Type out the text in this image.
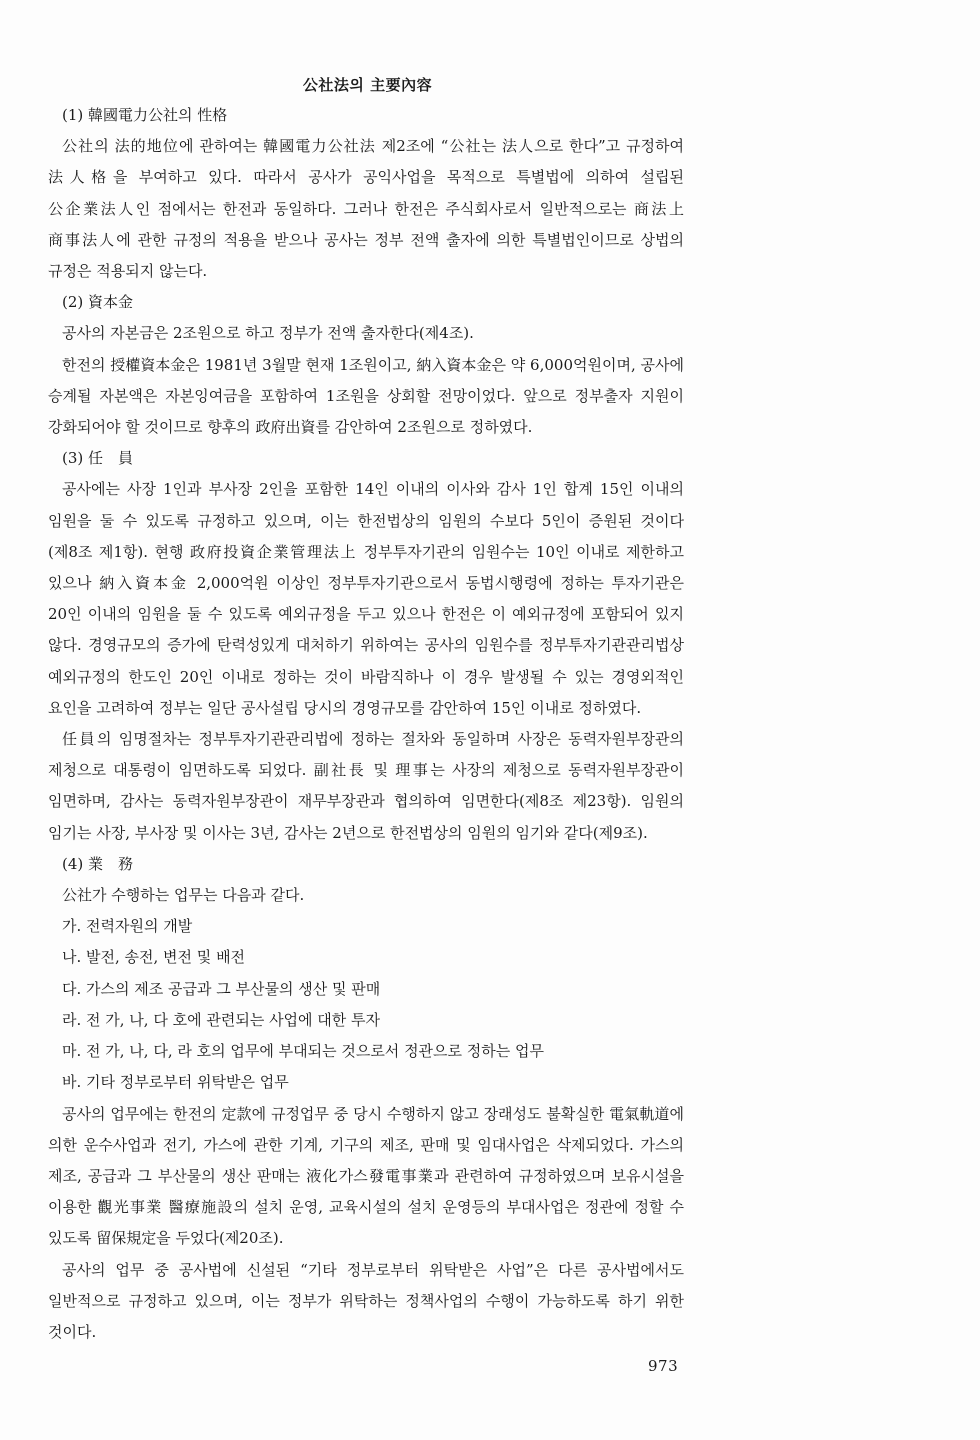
公社法의 主要內容

(1) 韓國電力公社의 性格

公社의 法的地位에 관하여는 韓國電力公社法 제2조에 “公社는 法人으로 한다”고 규정하여 法人格을 부여하고 있다. 따라서 공사가 공익사업을 목적으로 특별법에 의하여 설립된 公企業法人인 점에서는 한전과 동일하다. 그러나 한전은 주식회사로서 일반적으로는 商法上 商事法人에 관한 규정의 적용을 받으나 공사는 정부 전액 출자에 의한 특별법인이므로 상법의 규정은 적용되지 않는다.

(2) 資本金

공사의 자본금은 2조원으로 하고 정부가 전액 출자한다(제4조).

한전의 授權資本金은 1981년 3월말 현재 1조원이고, 納入資本金은 약 6,000억원이며, 공사에 승계될 자본액은 자본잉여금을 포함하여 1조원을 상회할 전망이었다. 앞으로 정부출자 지원이 강화되어야 할 것이므로 향후의 政府出資를 감안하여 2조원으로 정하였다.

(3) 任　員

공사에는 사장 1인과 부사장 2인을 포함한 14인 이내의 이사와 감사 1인 합계 15인 이내의 임원을 둘 수 있도록 규정하고 있으며, 이는 한전법상의 임원의 수보다 5인이 증원된 것이다(제8조 제1항). 현행 政府投資企業管理法上 정부투자기관의 임원수는 10인 이내로 제한하고 있으나 納入資本金 2,000억원 이상인 정부투자기관으로서 동법시행령에 정하는 투자기관은 20인 이내의 임원을 둘 수 있도록 예외규정을 두고 있으나 한전은 이 예외규정에 포함되어 있지 않다. 경영규모의 증가에 탄력성있게 대처하기 위하여는 공사의 임원수를 정부투자기관관리법상 예외규정의 한도인 20인 이내로 정하는 것이 바람직하나 이 경우 발생될 수 있는 경영외적인 요인을 고려하여 정부는 일단 공사설립 당시의 경영규모를 감안하여 15인 이내로 정하였다.

任員의 임명절차는 정부투자기관관리법에 정하는 절차와 동일하며 사장은 동력자원부장관의 제청으로 대통령이 임면하도록 되었다. 副社長 및 理事는 사장의 제청으로 동력자원부장관이 임면하며, 감사는 동력자원부장관이 재무부장관과 협의하여 임면한다(제8조 제23항). 임원의 임기는 사장, 부사장 및 이사는 3년, 감사는 2년으로 한전법상의 임원의 임기와 같다(제9조).

(4) 業　務

公社가 수행하는 업무는 다음과 같다.

가. 전력자원의 개발

나. 발전, 송전, 변전 및 배전

다. 가스의 제조 공급과 그 부산물의 생산 및 판매

라. 전 가, 나, 다 호에 관련되는 사업에 대한 투자

마. 전 가, 나, 다, 라 호의 업무에 부대되는 것으로서 정관으로 정하는 업무

바. 기타 정부로부터 위탁받은 업무

공사의 업무에는 한전의 定款에 규정업무 중 당시 수행하지 않고 장래성도 불확실한 電氣軌道에 의한 운수사업과 전기, 가스에 관한 기계, 기구의 제조, 판매 및 임대사업은 삭제되었다. 가스의 제조, 공급과 그 부산물의 생산 판매는 液化가스發電事業과 관련하여 규정하였으며 보유시설을 이용한 觀光事業 醫療施設의 설치 운영, 교육시설의 설치 운영등의 부대사업은 정관에 정할 수 있도록 留保規定을 두었다(제20조).

공사의 업무 중 공사법에 신설된 “기타 정부로부터 위탁받은 사업”은 다른 공사법에서도 일반적으로 규정하고 있으며, 이는 정부가 위탁하는 정책사업의 수행이 가능하도록 하기 위한 것이다.

973
